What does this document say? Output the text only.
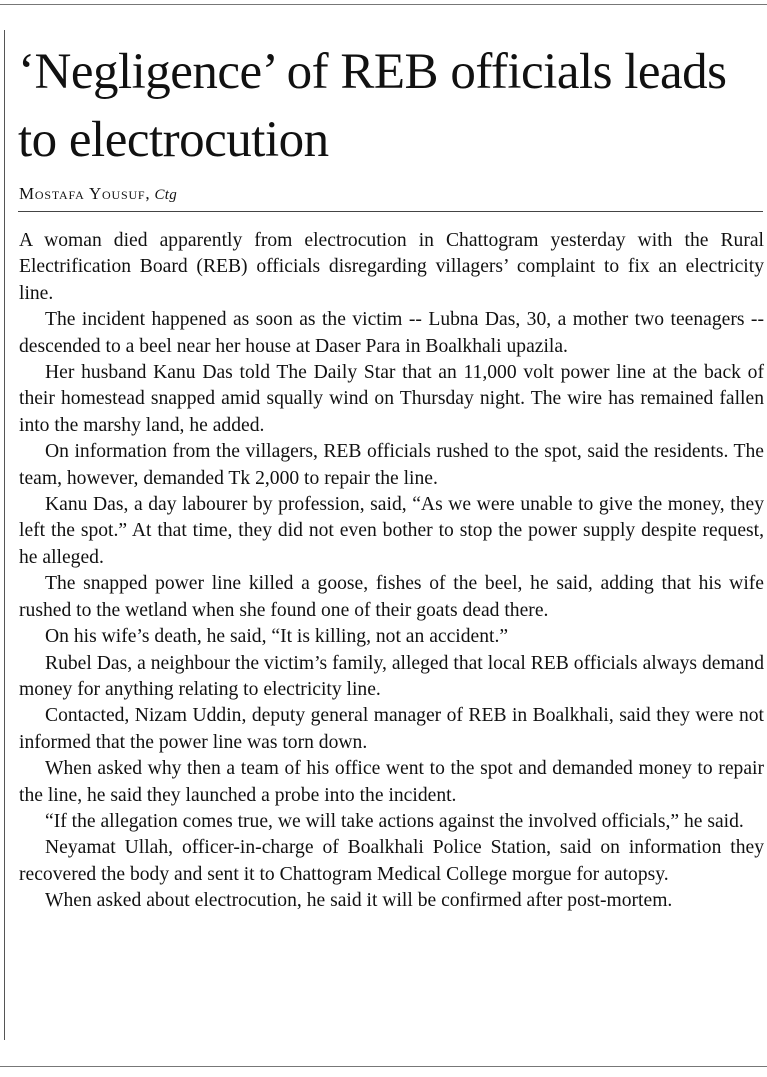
‘Negligence’ of REB officials leads to electrocution
Mostafa Yousuf, Ctg

A woman died apparently from electrocution in Chattogram yesterday with the Rural Electrification Board (REB) officials disregarding villagers’ complaint to fix an electricity line.

The incident happened as soon as the victim -- Lubna Das, 30, a mother two teenagers -- descended to a beel near her house at Daser Para in Boalkhali upazila.

Her husband Kanu Das told The Daily Star that an 11,000 volt power line at the back of their homestead snapped amid squally wind on Thursday night. The wire has remained fallen into the marshy land, he added.

On information from the villagers, REB officials rushed to the spot, said the residents. The team, however, demanded Tk 2,000 to repair the line.

Kanu Das, a day labourer by profession, said, “As we were unable to give the money, they left the spot.” At that time, they did not even bother to stop the power supply despite request, he alleged.

The snapped power line killed a goose, fishes of the beel, he said, adding that his wife rushed to the wetland when she found one of their goats dead there.

On his wife’s death, he said, “It is killing, not an accident.”

Rubel Das, a neighbour the victim’s family, alleged that local REB officials always demand money for anything relating to electricity line.

Contacted, Nizam Uddin, deputy general manager of REB in Boalkhali, said they were not informed that the power line was torn down.

When asked why then a team of his office went to the spot and demanded money to repair the line, he said they launched a probe into the incident.

“If the allegation comes true, we will take actions against the involved officials,” he said.

Neyamat Ullah, officer-in-charge of Boalkhali Police Station, said on information they recovered the body and sent it to Chattogram Medical College morgue for autopsy.

When asked about electrocution, he said it will be confirmed after post-mortem.
